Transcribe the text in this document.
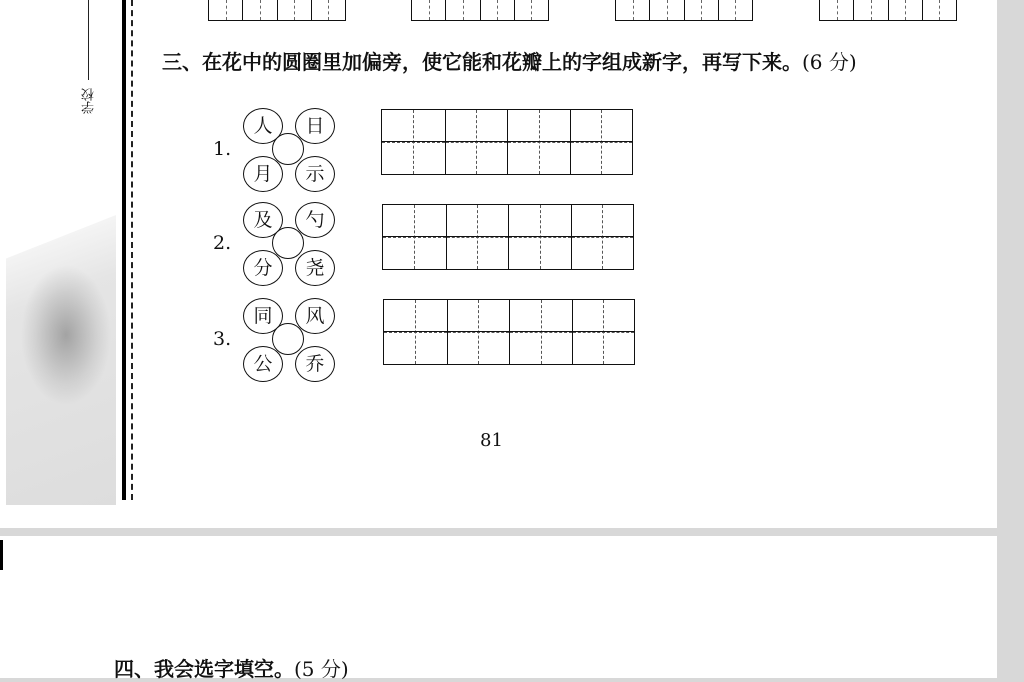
学校
三、在花中的圆圈里加偏旁，使它能和花瓣上的字组成新字，再写下来。(6 分)
1.
人	日
月	示
2.
及	勺
分	尧
3.
同	风
公	乔
81
四、我会选字填空。(5 分)
